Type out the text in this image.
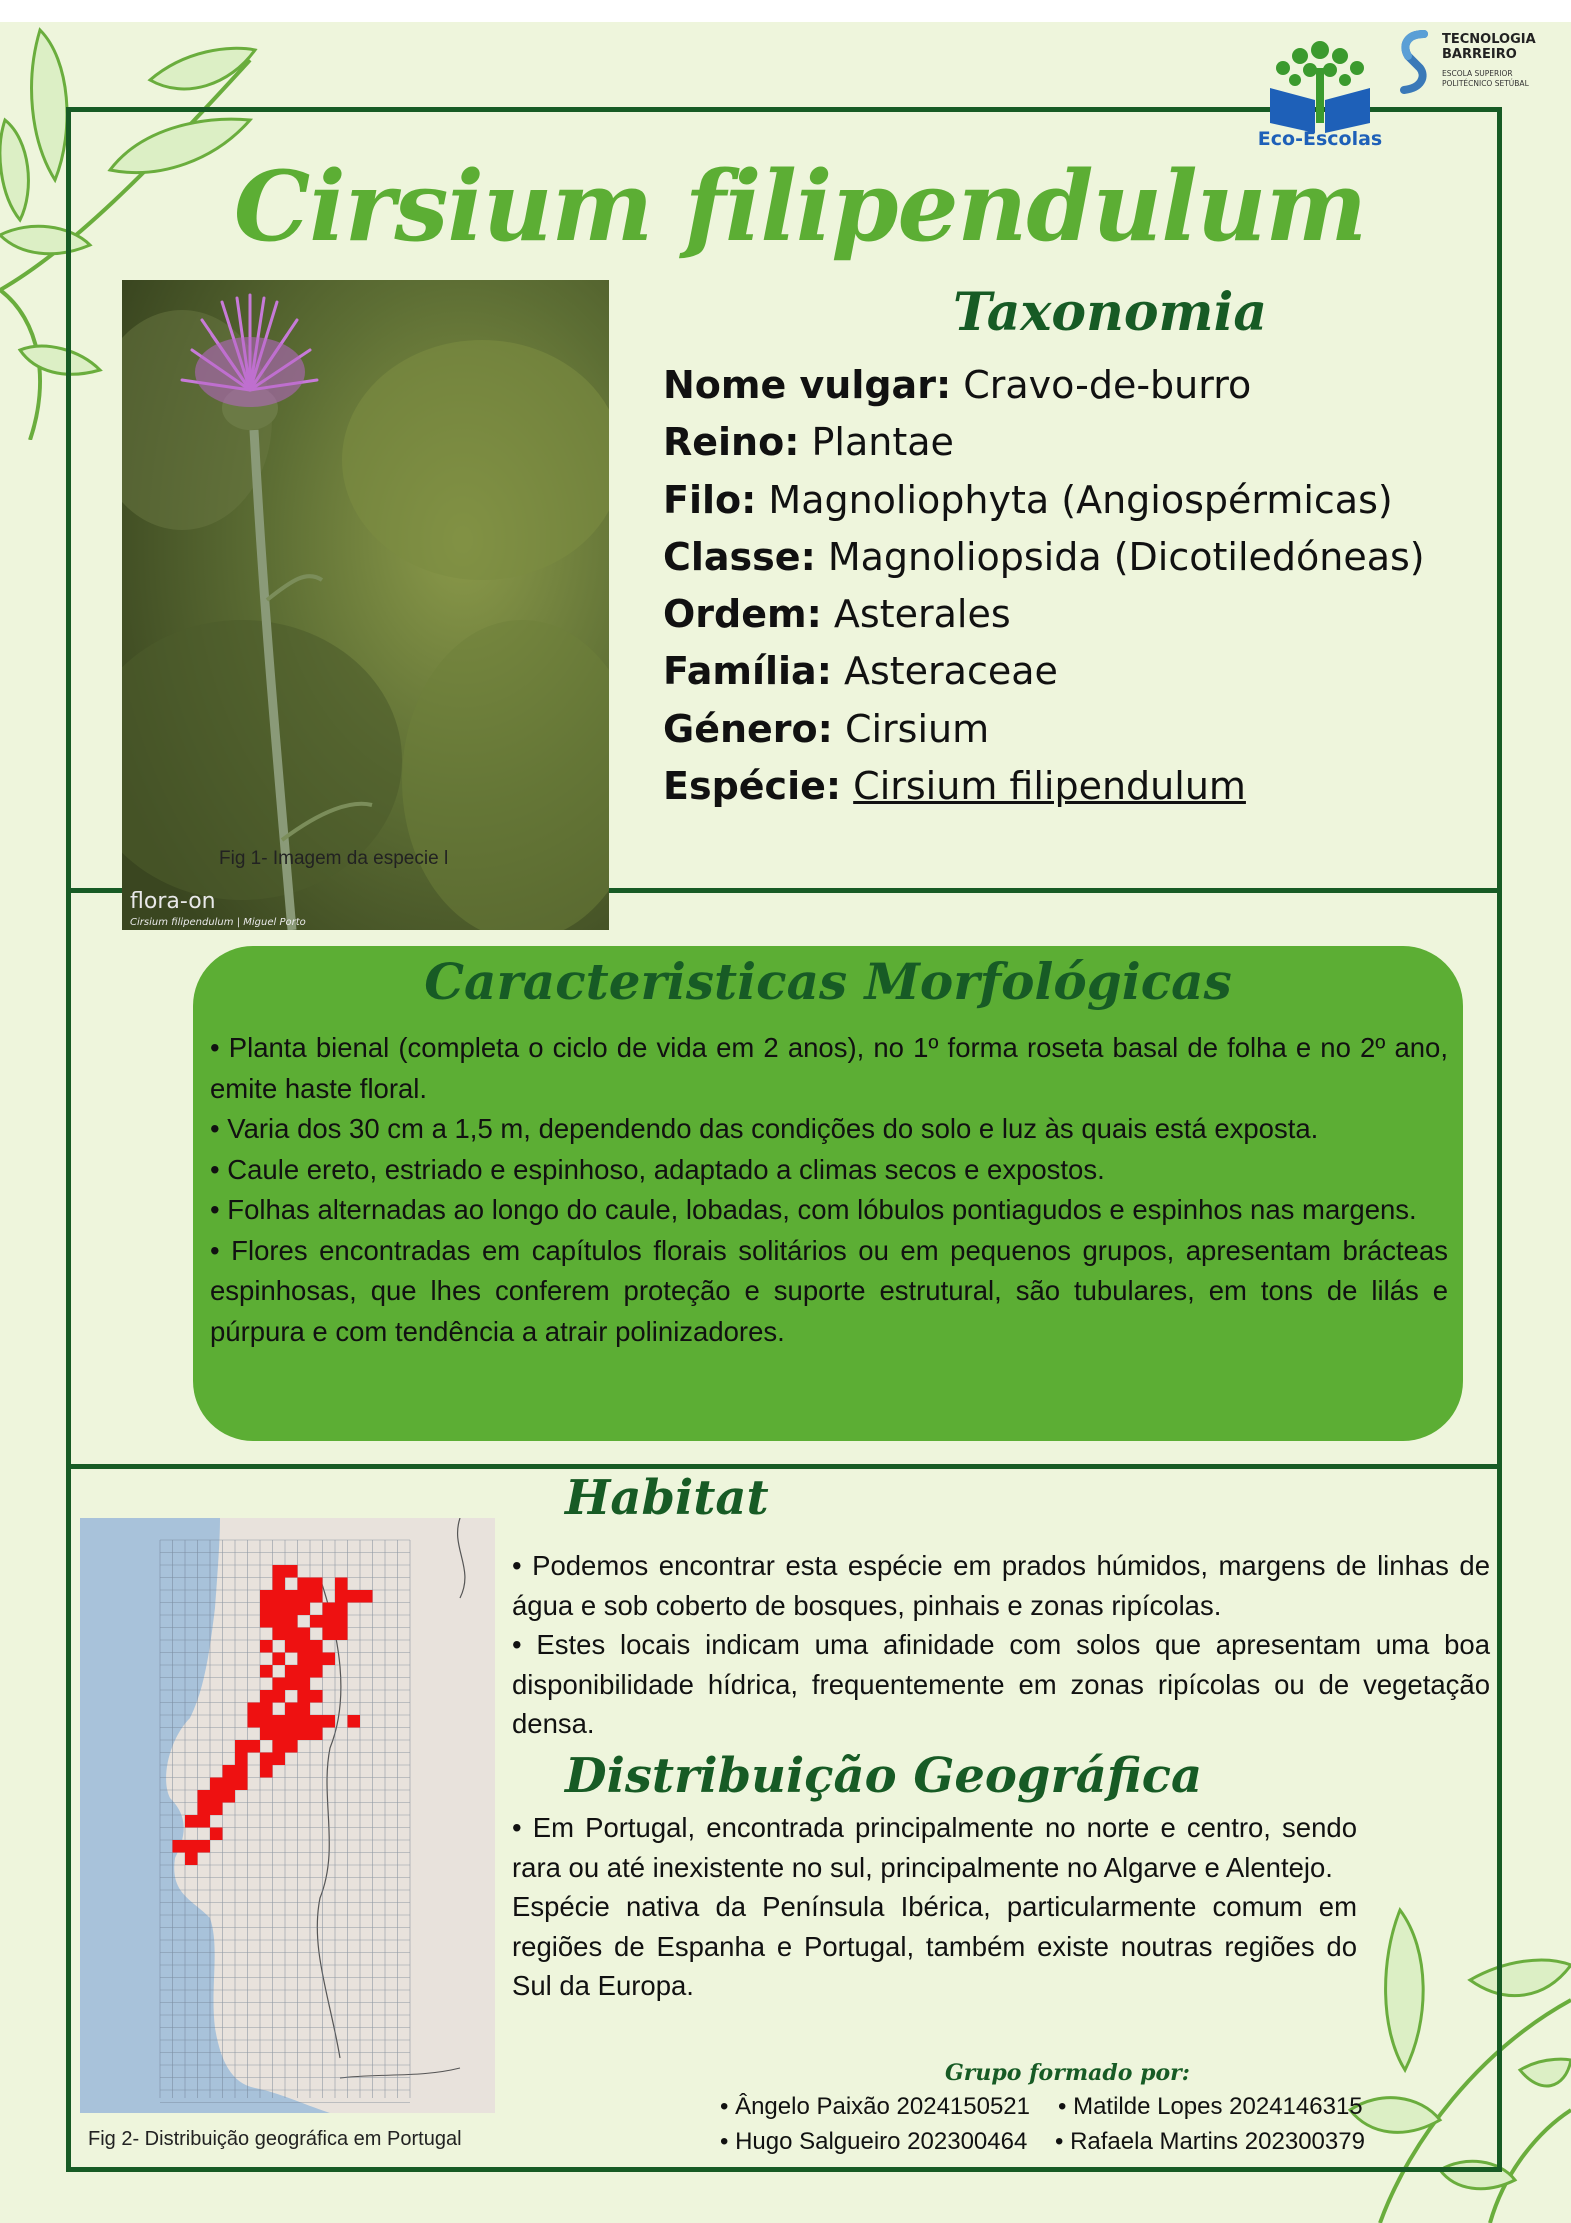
Eco-Escolas
TECNOLOGIA
BARREIRO
ESCOLA SUPERIOR
POLITÉCNICO SETÚBAL
Cirsium filipendulum
flora-on
Cirsium filipendulum | Miguel Porto
Fig 1- Imagem da especie l
Taxonomia
Nome vulgar: Cravo-de-burro
Reino: Plantae
Filo: Magnoliophyta (Angiospérmicas)
Classe: Magnoliopsida (Dicotiledóneas)
Ordem: Asterales
Família: Asteraceae
Género: Cirsium
Espécie: Cirsium filipendulum
Caracteristicas Morfológicas

• Planta bienal (completa o ciclo de vida em 2 anos), no 1º forma roseta basal de folha e no 2º ano, emite haste floral.

• Varia dos 30 cm a 1,5 m, dependendo das condições do solo e luz às quais está exposta.

• Caule ereto, estriado e espinhoso, adaptado a climas secos e expostos.

• Folhas alternadas ao longo do caule, lobadas, com lóbulos pontiagudos e espinhos nas margens.

• Flores encontradas em capítulos florais solitários ou em pequenos grupos, apresentam brácteas espinhosas, que lhes conferem proteção e suporte estrutural, são tubulares, em tons de lilás e púrpura e com tendência a atrair polinizadores.

Fig 2- Distribuição geográfica em Portugal
Habitat

• Podemos encontrar esta espécie em prados húmidos, margens de linhas de água e sob coberto de bosques, pinhais e zonas ripícolas.

• Estes locais indicam uma afinidade com solos que apresentam uma boa disponibilidade hídrica, frequentemente em zonas ripícolas ou de vegetação densa.

Distribuição Geográfica

• Em Portugal, encontrada principalmente no norte e centro, sendo rara ou até inexistente no sul, principalmente no Algarve e Alentejo.

Espécie nativa da Península Ibérica, particularmente comum em regiões de Espanha e Portugal, também existe noutras regiões do Sul da Europa.

Grupo formado por:
• Ângelo Paixão 2024150521 • Matilde Lopes 2024146315
• Hugo Salgueiro 202300464 • Rafaela Martins 202300379
